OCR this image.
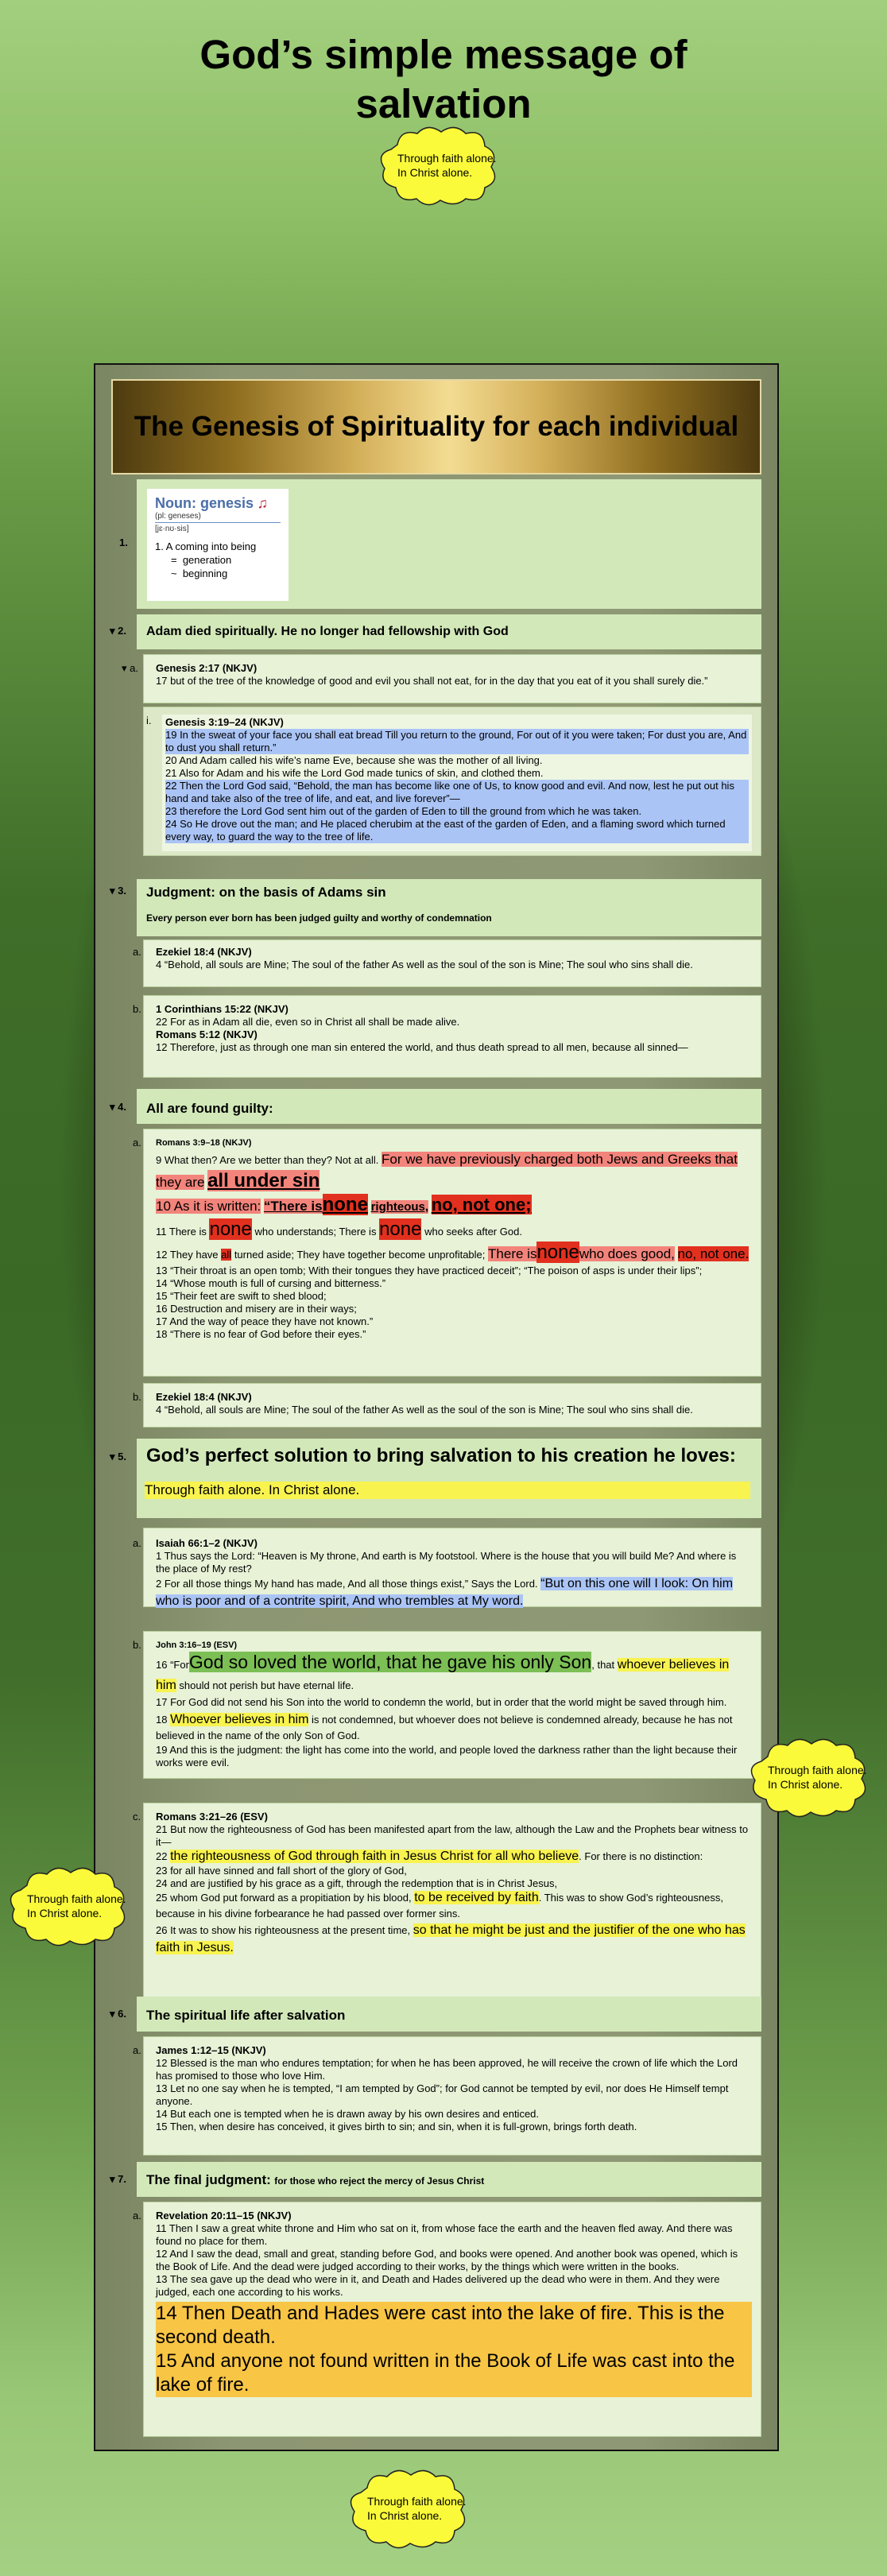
God’s simple message of salvation
Through faith alone.
In Christ alone.
The Genesis of Spirituality for each individual
1.
Noun: genesis ♫
(pl: geneses)
[jɛ·nʊ·sis]
1. A coming into being
= generation
~ beginning
▾ 2. Adam died spiritually. He no longer had fellowship with God
▾ a. Genesis 2:17 (NKJV)
17 but of the tree of the knowledge of good and evil you shall not eat, for in the day that you eat of it you shall surely die.”
i. Genesis 3:19–24 (NKJV)
19 In the sweat of your face you shall eat bread Till you return to the ground, For out of it you were taken; For dust you are, And to dust you shall return.”
20 And Adam called his wife’s name Eve, because she was the mother of all living.
21 Also for Adam and his wife the Lord God made tunics of skin, and clothed them.
22 Then the Lord God said, “Behold, the man has become like one of Us, to know good and evil. And now, lest he put out his hand and take also of the tree of life, and eat, and live forever”—
23 therefore the Lord God sent him out of the garden of Eden to till the ground from which he was taken.
24 So He drove out the man; and He placed cherubim at the east of the garden of Eden, and a flaming sword which turned every way, to guard the way to the tree of life.
▾ 3. Judgment: on the basis of Adams sin
Every person ever born has been judged guilty and worthy of condemnation
a. Ezekiel 18:4 (NKJV)
4 “Behold, all souls are Mine; The soul of the father As well as the soul of the son is Mine; The soul who sins shall die.
b. 1 Corinthians 15:22 (NKJV)
22 For as in Adam all die, even so in Christ all shall be made alive.
Romans 5:12 (NKJV)
12 Therefore, just as through one man sin entered the world, and thus death spread to all men, because all sinned—
▾ 4. All are found guilty:
a. Romans 3:9–18 (NKJV)
9 What then? Are we better than they? Not at all. For we have previously charged both Jews and Greeks that they are all under sin
10 As it is written: “There isnone righteous, no, not one;
11 There is none who understands; There is none who seeks after God.
12 They have all turned aside; They have together become unprofitable; There isnonewho does good, no, not one.
13 “Their throat is an open tomb; With their tongues they have practiced deceit”; “The poison of asps is under their lips”;
14 “Whose mouth is full of cursing and bitterness.”
15 “Their feet are swift to shed blood;
16 Destruction and misery are in their ways;
17 And the way of peace they have not known.”
18 “There is no fear of God before their eyes.”
b. Ezekiel 18:4 (NKJV)
4 “Behold, all souls are Mine; The soul of the father As well as the soul of the son is Mine; The soul who sins shall die.
▾ 5. God’s perfect solution to bring salvation to his creation he loves:
Through faith alone. In Christ alone.
a. Isaiah 66:1–2 (NKJV)
1 Thus says the Lord: “Heaven is My throne, And earth is My footstool. Where is the house that you will build Me? And where is the place of My rest?
2 For all those things My hand has made, And all those things exist,” Says the Lord. “But on this one will I look: On him who is poor and of a contrite spirit, And who trembles at My word.
b. John 3:16–19 (ESV)
16 “ForGod so loved the world, that he gave his only Son, that whoever believes in him should not perish but have eternal life.
17 For God did not send his Son into the world to condemn the world, but in order that the world might be saved through him.
18 Whoever believes in him is not condemned, but whoever does not believe is condemned already, because he has not believed in the name of the only Son of God.
19 And this is the judgment: the light has come into the world, and people loved the darkness rather than the light because their works were evil.
c. Romans 3:21–26 (ESV)
21 But now the righteousness of God has been manifested apart from the law, although the Law and the Prophets bear witness to it—
22 the righteousness of God through faith in Jesus Christ for all who believe. For there is no distinction:
23 for all have sinned and fall short of the glory of God,
24 and are justified by his grace as a gift, through the redemption that is in Christ Jesus,
25 whom God put forward as a propitiation by his blood, to be received by faith. This was to show God’s righteousness, because in his divine forbearance he had passed over former sins.
26 It was to show his righteousness at the present time, so that he might be just and the justifier of the one who has faith in Jesus.
▾ 6. The spiritual life after salvation
a. James 1:12–15 (NKJV)
12 Blessed is the man who endures temptation; for when he has been approved, he will receive the crown of life which the Lord has promised to those who love Him.
13 Let no one say when he is tempted, “I am tempted by God”; for God cannot be tempted by evil, nor does He Himself tempt anyone.
14 But each one is tempted when he is drawn away by his own desires and enticed.
15 Then, when desire has conceived, it gives birth to sin; and sin, when it is full-grown, brings forth death.
▾ 7. The final judgment: for those who reject the mercy of Jesus Christ
a. Revelation 20:11–15 (NKJV)
11 Then I saw a great white throne and Him who sat on it, from whose face the earth and the heaven fled away. And there was found no place for them.
12 And I saw the dead, small and great, standing before God, and books were opened. And another book was opened, which is the Book of Life. And the dead were judged according to their works, by the things which were written in the books.
13 The sea gave up the dead who were in it, and Death and Hades delivered up the dead who were in them. And they were judged, each one according to his works.
14 Then Death and Hades were cast into the lake of fire. This is the second death.
15 And anyone not found written in the Book of Life was cast into the lake of fire.
Through faith alone.
In Christ alone.
Through faith alone.
In Christ alone.
Through faith alone.
In Christ alone.
